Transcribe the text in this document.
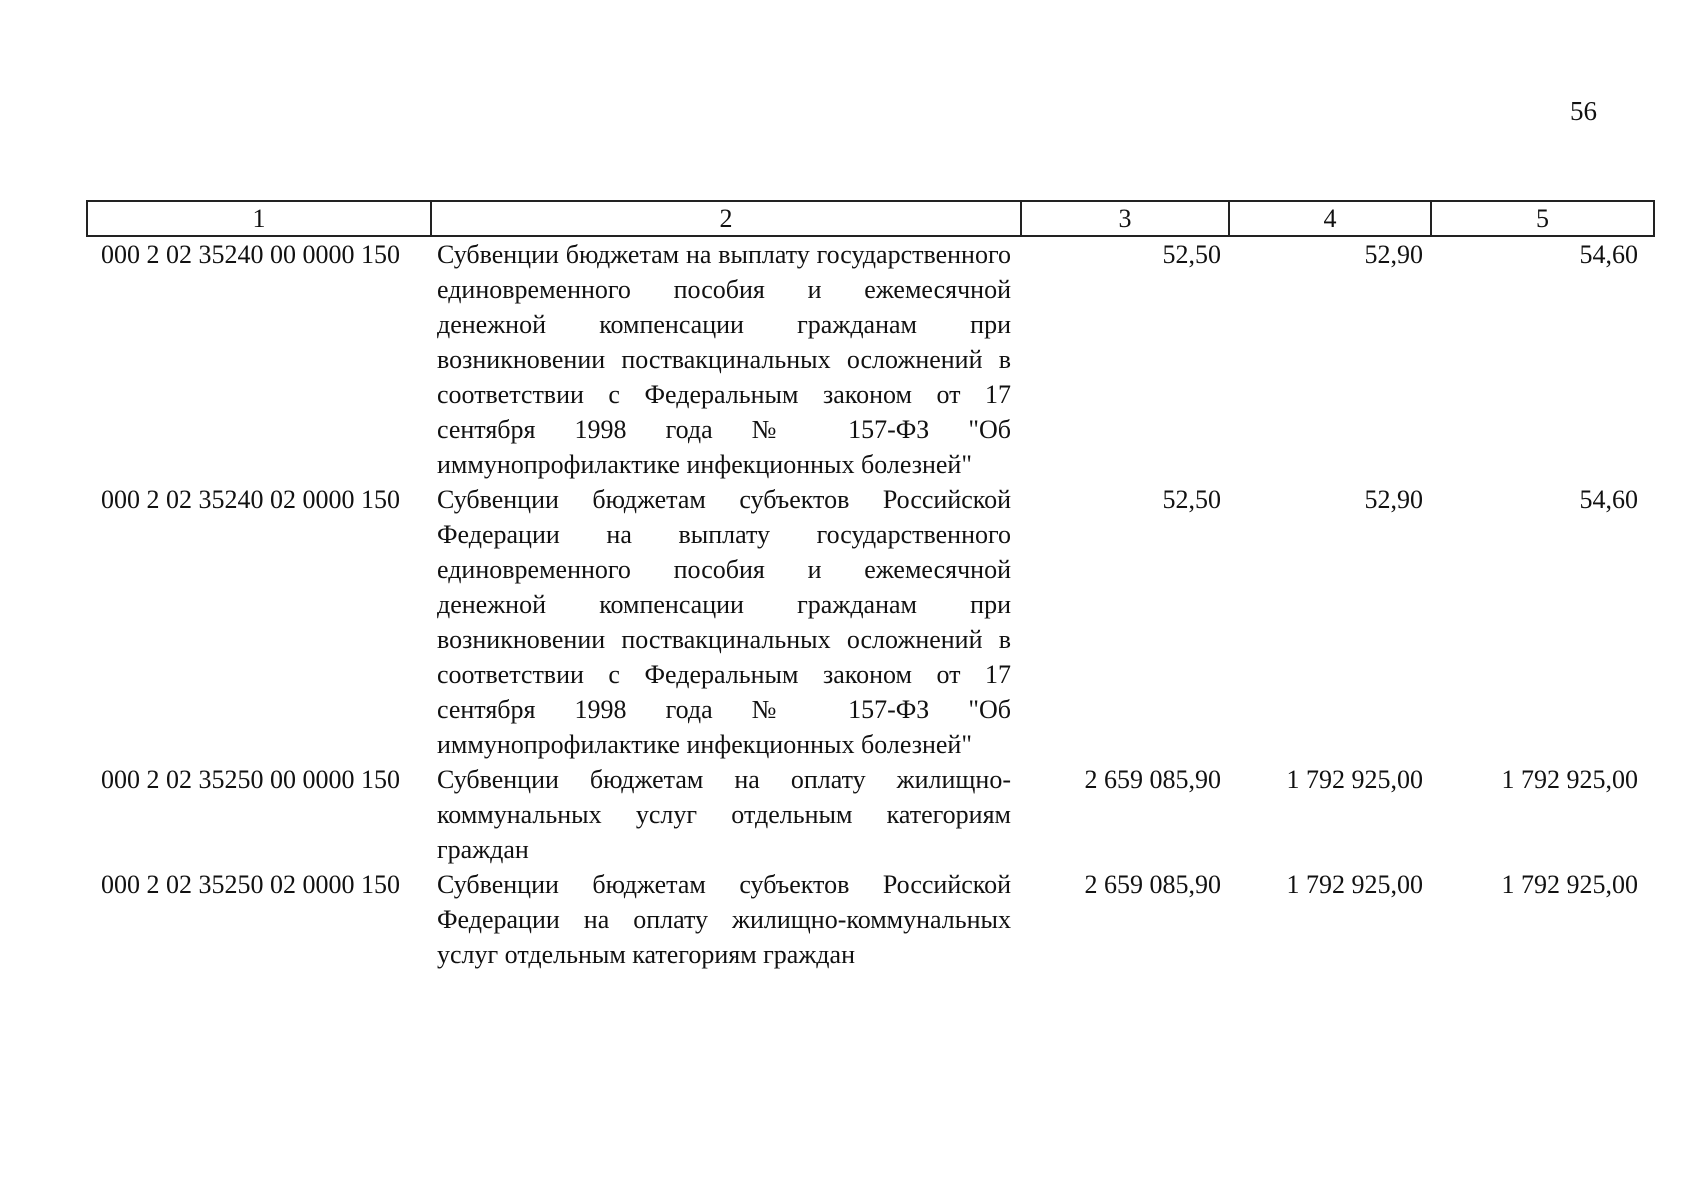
56
1	2	3	4	5
000 2 02 35240 00 0000 150	Субвенции бюджетам на выплату государственного единовременного пособия и ежемесячной денежной компенсации гражданам при возникновении поствакцинальных осложнений в соответствии с Федеральным законом от 17 сентября 1998 года № 157-ФЗ "Об иммунопрофилактике инфекционных болезней"	52,50	52,90	54,60
000 2 02 35240 02 0000 150	Субвенции бюджетам субъектов Российской Федерации на выплату государственного единовременного пособия и ежемесячной денежной компенсации гражданам при возникновении поствакцинальных осложнений в соответствии с Федеральным законом от 17 сентября 1998 года № 157-ФЗ "Об иммунопрофилактике инфекционных болезней"	52,50	52,90	54,60
000 2 02 35250 00 0000 150	Субвенции бюджетам на оплату жилищно-коммунальных услуг отдельным категориям граждан	2 659 085,90	1 792 925,00	1 792 925,00
000 2 02 35250 02 0000 150	Субвенции бюджетам субъектов Российской Федерации на оплату жилищно-коммунальных услуг отдельным категориям граждан	2 659 085,90	1 792 925,00	1 792 925,00
